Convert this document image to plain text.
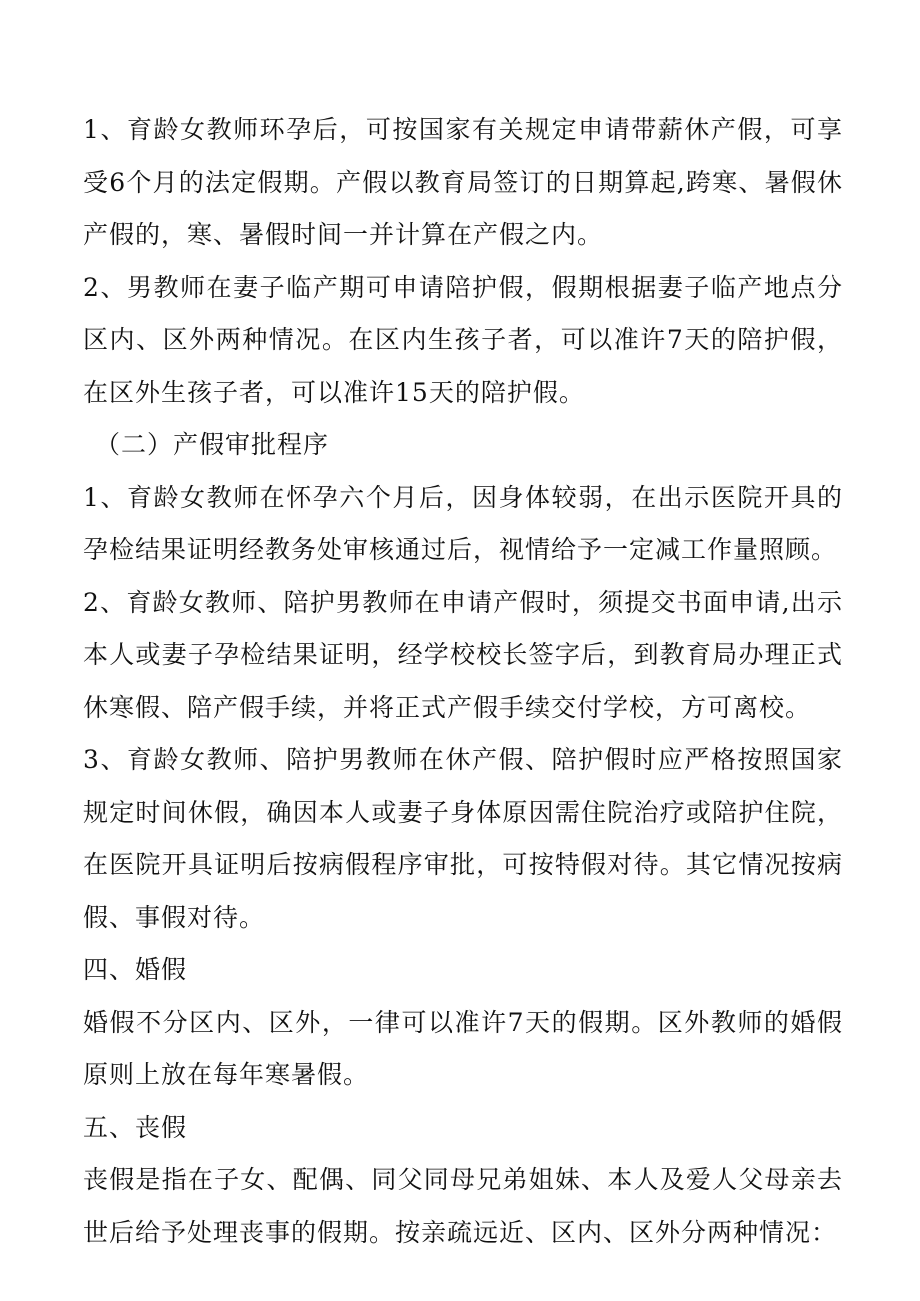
1、育龄女教师环孕后，可按国家有关规定申请带薪休产假，可享受6个月的法定假期。产假以教育局签订的日期算起,跨寒、暑假休产假的，寒、暑假时间一并计算在产假之内。

2、男教师在妻子临产期可申请陪护假，假期根据妻子临产地点分区内、区外两种情况。在区内生孩子者，可以准许7天的陪护假，在区外生孩子者，可以准许15天的陪护假。

（二）产假审批程序

1、育龄女教师在怀孕六个月后，因身体较弱，在出示医院开具的孕检结果证明经教务处审核通过后，视情给予一定减工作量照顾。

2、育龄女教师、陪护男教师在申请产假时，须提交书面申请,出示本人或妻子孕检结果证明，经学校校长签字后，到教育局办理正式休寒假、陪产假手续，并将正式产假手续交付学校，方可离校。

3、育龄女教师、陪护男教师在休产假、陪护假时应严格按照国家规定时间休假，确因本人或妻子身体原因需住院治疗或陪护住院，在医院开具证明后按病假程序审批，可按特假对待。其它情况按病假、事假对待。

四、婚假

婚假不分区内、区外，一律可以准许7天的假期。区外教师的婚假原则上放在每年寒暑假。

五、丧假

丧假是指在子女、配偶、同父同母兄弟姐妹、本人及爱人父母亲去世后给予处理丧事的假期。按亲疏远近、区内、区外分两种情况：
